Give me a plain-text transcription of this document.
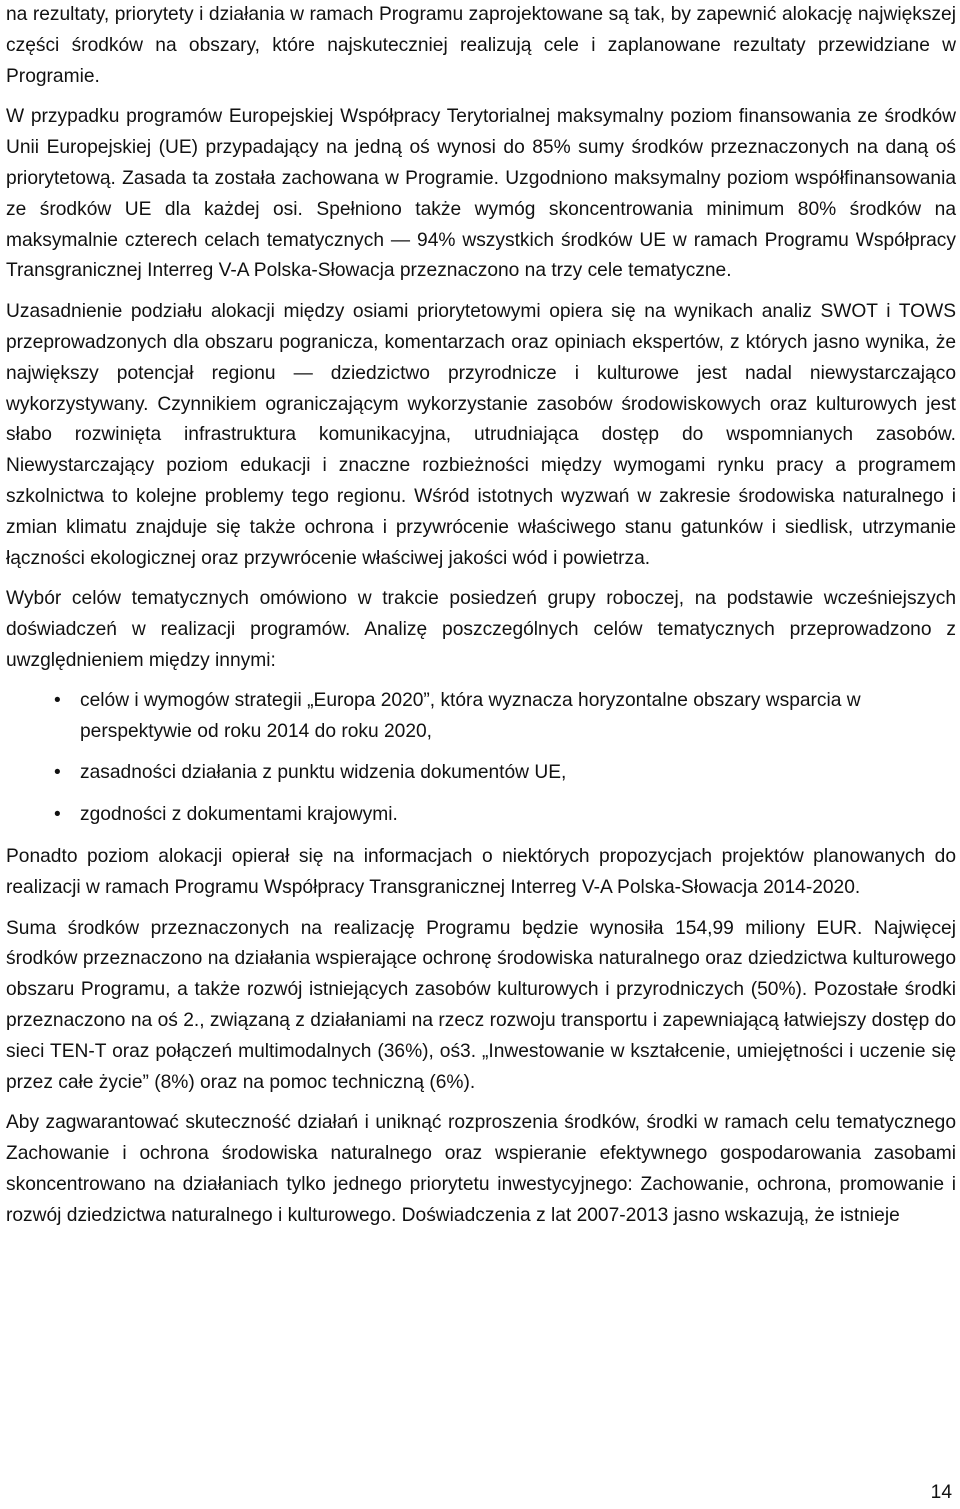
na rezultaty, priorytety i działania w ramach Programu zaprojektowane są tak, by zapewnić alokację największej części środków na obszary, które najskuteczniej realizują cele i zaplanowane rezultaty przewidziane w Programie.

W przypadku programów Europejskiej Współpracy Terytorialnej maksymalny poziom finansowania ze środków Unii Europejskiej (UE) przypadający na jedną oś wynosi do 85% sumy środków przeznaczonych na daną oś priorytetową. Zasada ta została zachowana w Programie. Uzgodniono maksymalny poziom współfinansowania ze środków UE dla każdej osi. Spełniono także wymóg skoncentrowania minimum 80% środków na maksymalnie czterech celach tematycznych — 94% wszystkich środków UE w ramach Programu Współpracy Transgranicznej Interreg V-A Polska-Słowacja przeznaczono na trzy cele tematyczne.

Uzasadnienie podziału alokacji między osiami priorytetowymi opiera się na wynikach analiz SWOT i TOWS przeprowadzonych dla obszaru pogranicza, komentarzach oraz opiniach ekspertów, z których jasno wynika, że największy potencjał regionu — dziedzictwo przyrodnicze i kulturowe jest nadal niewystarczająco wykorzystywany. Czynnikiem ograniczającym wykorzystanie zasobów środowiskowych oraz kulturowych jest słabo rozwinięta infrastruktura komunikacyjna, utrudniająca dostęp do wspomnianych zasobów. Niewystarczający poziom edukacji i znaczne rozbieżności między wymogami rynku pracy a programem szkolnictwa to kolejne problemy tego regionu. Wśród istotnych wyzwań w zakresie środowiska naturalnego i zmian klimatu znajduje się także ochrona i przywrócenie właściwego stanu gatunków i siedlisk, utrzymanie łączności ekologicznej oraz przywrócenie właściwej jakości wód i powietrza.

Wybór celów tematycznych omówiono w trakcie posiedzeń grupy roboczej, na podstawie wcześniejszych doświadczeń w realizacji programów. Analizę poszczególnych celów tematycznych przeprowadzono z uwzględnieniem między innymi:

• celów i wymogów strategii „Europa 2020”, która wyznacza horyzontalne obszary wsparcia w perspektywie od roku 2014 do roku 2020,
• zasadności działania z punktu widzenia dokumentów UE,
• zgodności z dokumentami krajowymi.

Ponadto poziom alokacji opierał się na informacjach o niektórych propozycjach projektów planowanych do realizacji w ramach Programu Współpracy Transgranicznej Interreg V-A Polska-Słowacja 2014-2020.

Suma środków przeznaczonych na realizację Programu będzie wynosiła 154,99 miliony EUR. Najwięcej środków przeznaczono na działania wspierające ochronę środowiska naturalnego oraz dziedzictwa kulturowego obszaru Programu, a także rozwój istniejących zasobów kulturowych i przyrodniczych (50%). Pozostałe środki przeznaczono na oś 2., związaną z działaniami na rzecz rozwoju transportu i zapewniającą łatwiejszy dostęp do sieci TEN-T oraz połączeń multimodalnych (36%), oś3. „Inwestowanie w kształcenie, umiejętności i uczenie się przez całe życie” (8%) oraz na pomoc techniczną (6%).

Aby zagwarantować skuteczność działań i uniknąć rozproszenia środków, środki w ramach celu tematycznego Zachowanie i ochrona środowiska naturalnego oraz wspieranie efektywnego gospodarowania zasobami skoncentrowano na działaniach tylko jednego priorytetu inwestycyjnego: Zachowanie, ochrona, promowanie i rozwój dziedzictwa naturalnego i kulturowego. Doświadczenia z lat 2007-2013 jasno wskazują, że istnieje

14
